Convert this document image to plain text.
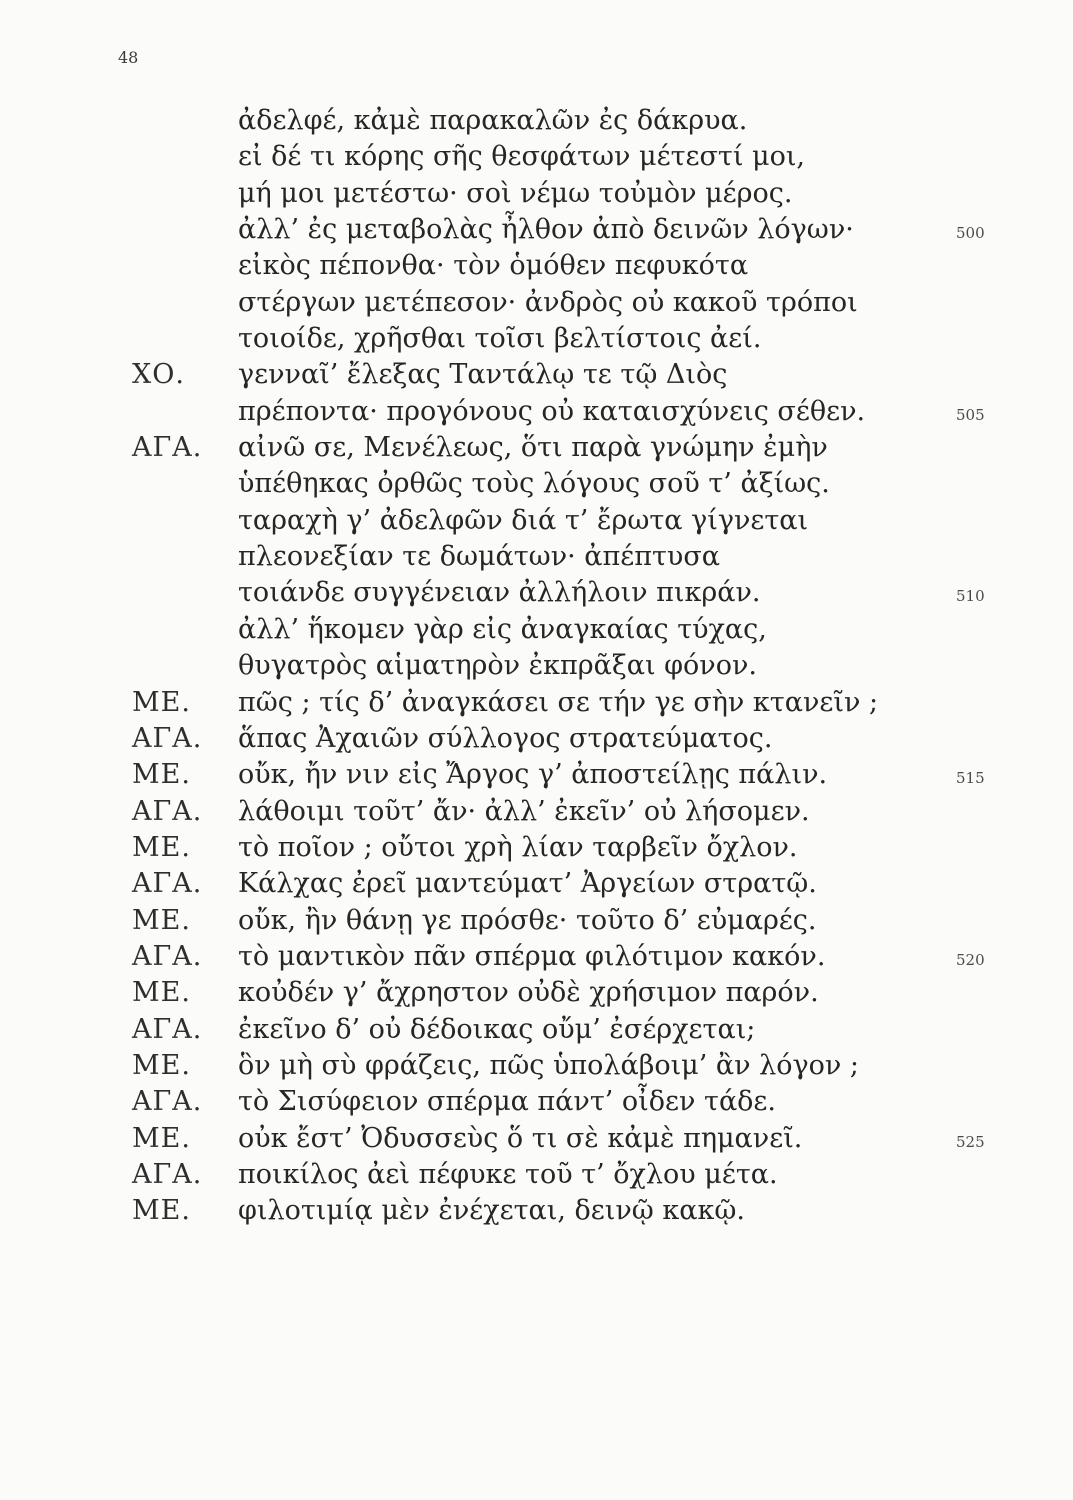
48
ἀδελφέ, κἀμὲ παρακαλῶν ἐς δάκρυα.
εἰ δέ τι κόρης σῆς θεσφάτων μέτεστί μοι,
μή μοι μετέστω· σοὶ νέμω τοὐμὸν μέρος.
ἀλλ’ ἐς μεταβολὰς ἦλθον ἀπὸ δεινῶν λόγων·	500
εἰκὸς πέπονθα· τὸν ὁμόθεν πεφυκότα
στέργων μετέπεσον· ἀνδρὸς οὐ κακοῦ τρόποι
τοιοίδε, χρῆσθαι τοῖσι βελτίστοις ἀεί.
ΧΟ. γενναῖ’ ἔλεξας Ταντάλῳ τε τῷ Διὸς
πρέποντα· προγόνους οὐ καταισχύνεις σέθεν.	505
ΑΓΑ. αἰνῶ σε, Μενέλεως, ὅτι παρὰ γνώμην ἐμὴν
ὑπέθηκας ὀρθῶς τοὺς λόγους σοῦ τ’ ἀξίως.
ταραχὴ γ’ ἀδελφῶν διά τ’ ἔρωτα γίγνεται
πλεονεξίαν τε δωμάτων· ἀπέπτυσα
τοιάνδε συγγένειαν ἀλλήλοιν πικράν.	510
ἀλλ’ ἥκομεν γὰρ εἰς ἀναγκαίας τύχας,
θυγατρὸς αἱματηρὸν ἐκπρᾶξαι φόνον.
ΜΕ. πῶς ; τίς δ’ ἀναγκάσει σε τήν γε σὴν κτανεῖν ;
ΑΓΑ. ἅπας Ἀχαιῶν σύλλογος στρατεύματος.
ΜΕ. οὔκ, ἤν νιν εἰς Ἄργος γ’ ἀποστείλῃς πάλιν.	515
ΑΓΑ. λάθοιμι τοῦτ’ ἄν· ἀλλ’ ἐκεῖν’ οὐ λήσομεν.
ΜΕ. τὸ ποῖον ; οὔτοι χρὴ λίαν ταρβεῖν ὄχλον.
ΑΓΑ. Κάλχας ἐρεῖ μαντεύματ’ Ἀργείων στρατῷ.
ΜΕ. οὔκ, ἢν θάνῃ γε πρόσθε· τοῦτο δ’ εὐμαρές.
ΑΓΑ. τὸ μαντικὸν πᾶν σπέρμα φιλότιμον κακόν.	520
ΜΕ. κοὐδέν γ’ ἄχρηστον οὐδὲ χρήσιμον παρόν.
ΑΓΑ. ἐκεῖνο δ’ οὐ δέδοικας οὔμ’ ἐσέρχεται;
ΜΕ. ὃν μὴ σὺ φράζεις, πῶς ὑπολάβοιμ’ ἂν λόγον ;
ΑΓΑ. τὸ Σισύφειον σπέρμα πάντ’ οἶδεν τάδε.
ΜΕ. οὐκ ἔστ’ Ὀδυσσεὺς ὅ τι σὲ κἀμὲ πημανεῖ.	525
ΑΓΑ. ποικίλος ἀεὶ πέφυκε τοῦ τ’ ὄχλου μέτα.
ΜΕ. φιλοτιμίᾳ μὲν ἐνέχεται, δεινῷ κακῷ.
